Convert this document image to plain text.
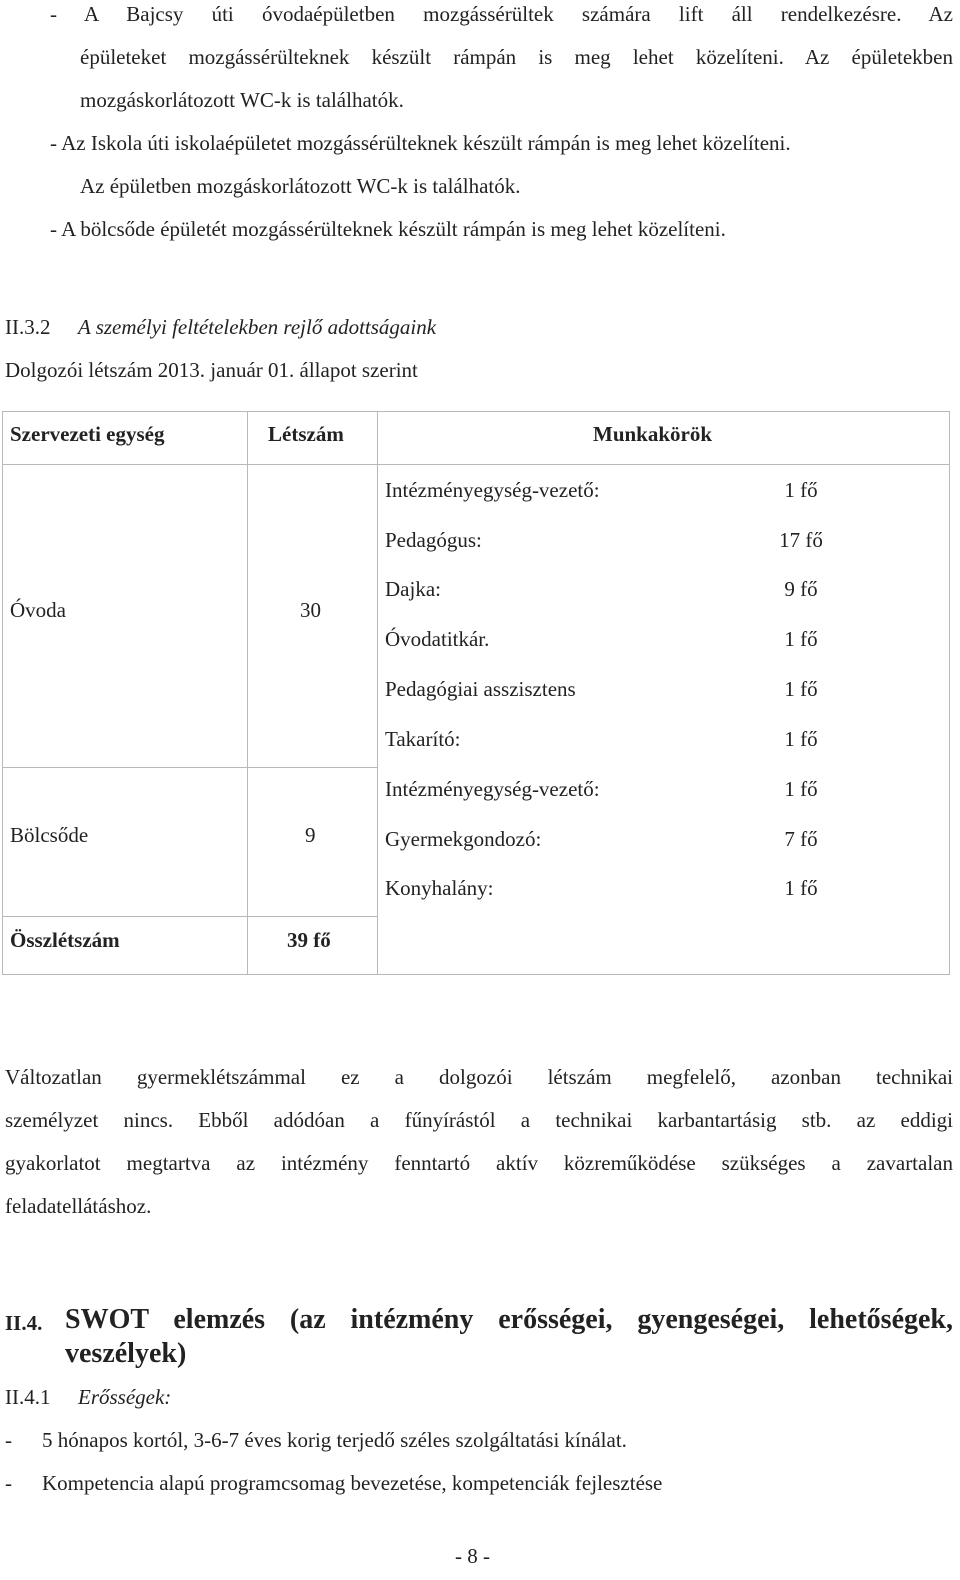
- A Bajcsy úti óvodaépületben mozgássérültek számára lift áll rendelkezésre. Az
épületeket mozgássérülteknek készült rámpán is meg lehet közelíteni. Az épületekben
mozgáskorlátozott WC-k is találhatók.
- Az Iskola úti iskolaépületet mozgássérülteknek készült rámpán is meg lehet közelíteni.
Az épületben mozgáskorlátozott WC-k is találhatók.
- A bölcsőde épületét mozgássérülteknek készült rámpán is meg lehet közelíteni.
II.3.2 A személyi feltételekben rejlő adottságaink
Dolgozói létszám 2013. január 01. állapot szerint
Szervezeti egység	Létszám	Munkakörök
Óvoda	30
Intézményegység-vezető:	1 fő
Pedagógus:	17 fő
Dajka:	9 fő
Óvodatitkár.	1 fő
Pedagógiai asszisztens	1 fő
Takarító:	1 fő
Bölcsőde	9
Intézményegység-vezető:	1 fő
Gyermekgondozó:	7 fő
Konyhalány:	1 fő
Összlétszám	39 fő
Változatlan gyermeklétszámmal ez a dolgozói létszám megfelelő, azonban technikai
személyzet nincs. Ebből adódóan a fűnyírástól a technikai karbantartásig stb. az eddigi
gyakorlatot megtartva az intézmény fenntartó aktív közreműködése szükséges a zavartalan
feladatellátáshoz.
II.4. SWOT elemzés (az intézmény erősségei, gyengeségei, lehetőségek,
veszélyek)
II.4.1 Erősségek:
- 5 hónapos kortól, 3-6-7 éves korig terjedő széles szolgáltatási kínálat.
- Kompetencia alapú programcsomag bevezetése, kompetenciák fejlesztése
- 8 -
